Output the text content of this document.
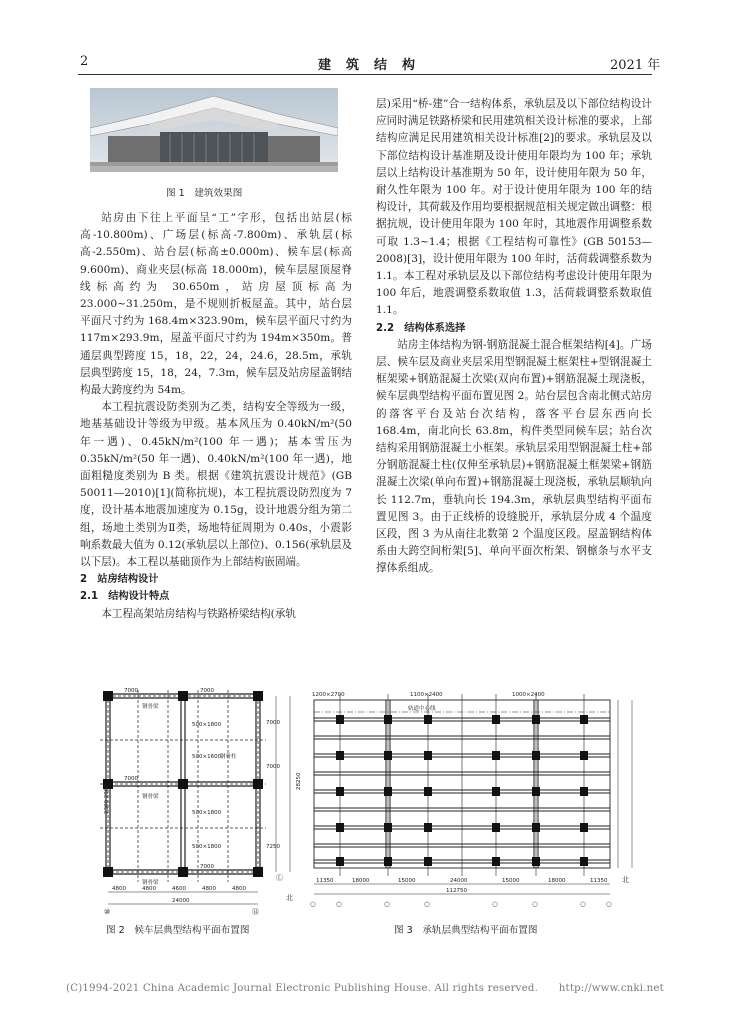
2	建　筑　结　构	2021 年
图 1　建筑效果图

站房由下往上平面呈“工”字形，包括出站层(标高-10.800m)、广场层(标高-7.800m)、承轨层(标高-2.550m)、站台层(标高±0.000m)、候车层(标高 9.600m)、商业夹层(标高 18.000m)，候车层屋顶屋脊线标高约为 30.650m，站房屋顶标高为 23.000~31.250m，是不规则折板屋盖。其中，站台层平面尺寸约为 168.4m×323.90m，候车层平面尺寸约为 117m×293.9m，屋盖平面尺寸约为 194m×350m。普通层典型跨度 15，18，22，24，24.6，28.5m，承轨层典型跨度 15，18，24，7.3m，候车层及站房屋盖钢结构最大跨度约为 54m。

本工程抗震设防类别为乙类，结构安全等级为一级，地基基础设计等级为甲级。基本风压为 0.40kN/m²(50 年一遇)、0.45kN/m²(100 年一遇)；基本雪压为 0.35kN/m²(50 年一遇)、0.40kN/m²(100 年一遇)，地面粗糙度类别为 B 类。根据《建筑抗震设计规范》(GB 50011—2010)[1](简称抗规)，本工程抗震设防烈度为 7 度，设计基本地震加速度为 0.15g，设计地震分组为第二组，场地土类别为Ⅱ类，场地特征周期为 0.40s，小震影响系数最大值为 0.12(承轨层以上部位)、0.156(承轨层及以下层)。本工程以基础顶作为上部结构嵌固端。

2　站房结构设计

2.1　结构设计特点

本工程高架站房结构与铁路桥梁结构(承轨

层)采用“桥-建”合一结构体系，承轨层及以下部位结构设计应同时满足铁路桥梁和民用建筑相关设计标准的要求，上部结构应满足民用建筑相关设计标准[2]的要求。承轨层及以下部位结构设计基准期及设计使用年限均为 100 年；承轨层以上结构设计基准期为 50 年，设计使用年限为 50 年，耐久性年限为 100 年。对于设计使用年限为 100 年的结构设计，其荷载及作用均要根据规范相关规定做出调整：根据抗规，设计使用年限为 100 年时，其地震作用调整系数可取 1.3~1.4；根据《工程结构可靠性》(GB 50153—2008)[3]，设计使用年限为 100 年时，活荷载调整系数为 1.1。本工程对承轨层及以下部位结构考虑设计使用年限为 100 年后，地震调整系数取值 1.3，活荷载调整系数取值 1.1。

2.2　结构体系选择

站房主体结构为钢-钢筋混凝土混合框架结构[4]。广场层、候车层及商业夹层采用型钢混凝土框架柱+型钢混凝土框架梁+钢筋混凝土次梁(双向布置)+钢筋混凝土现浇板，候车层典型结构平面布置见图 2。站台层包含南北侧式站房的落客平台及站台次结构，落客平台层东西向长 168.4m，南北向长 63.8m，构件类型同候车层；站台次结构采用钢筋混凝土小框架。承轨层采用型钢混凝土柱+部分钢筋混凝土柱(仅伸至承轨层)+钢筋混凝土框架梁+钢筋混凝土次梁(单向布置)+钢筋混凝土现浇板，承轨层顺轨向长 112.7m，垂轨向长 194.3m，承轨层典型结构平面布置见图 3。由于正线桥的设缝脱开，承轨层分成 4 个温度区段，图 3 为从南往北数第 2 个温度区段。屋盖钢结构体系由大跨空间桁架[5]、单向平面次桁架、钢檩条与水平支撑体系组成。

7000	7000
钢骨梁
钢骨梁
钢骨梁
7000
7000
500×1800
500×1600
500×1800
500×1800
钢骨柱
2300 2900
7000
7000
7250
28250
4800	4800	4600	4800	4800
24000
⑩	⑭
Ⓛ
北
图 2　候车层典型结构平面布置图
1200×2700	1100×2400	1000×2400
轨道中心线
11350	18000	15000	24000	15000	18000	11350
112750
北
○	○	○	○	○	○	○	○
图 3　承轨层典型结构平面布置图
(C)1994-2021 China Academic Journal Electronic Publishing House. All rights reserved.　　http://www.cnki.net
